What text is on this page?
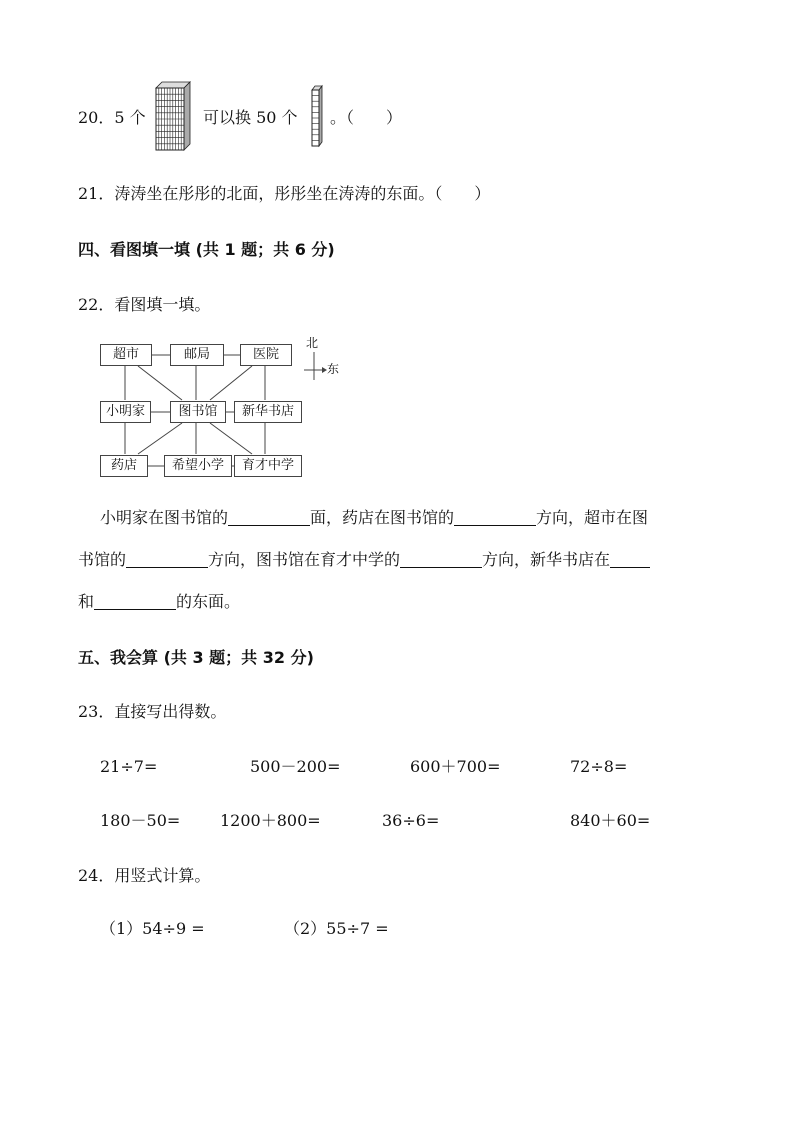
20．5 个	可以换 50 个 。（　　）
21．涛涛坐在彤彤的北面，彤彤坐在涛涛的东面。（　　）
四、看图填一填 (共 1 题；共 6 分)
22．看图填一填。
超市	邮局	医院
小明家	图书馆	新华书店
药店	希望小学	育才中学
北
东
小明家在图书馆的	面，药店在图书馆的	方向，超市在图
书馆的	方向，图书馆在育才中学的	方向，新华书店在
和	的东面。
五、我会算 (共 3 题；共 32 分)
23．直接写出得数。
21÷7=	500－200=	600＋700=	72÷8=
180－50= 1200＋800=	36÷6=	840＋60=
24．用竖式计算。
（1）54÷9 =	（2）55÷7 =
